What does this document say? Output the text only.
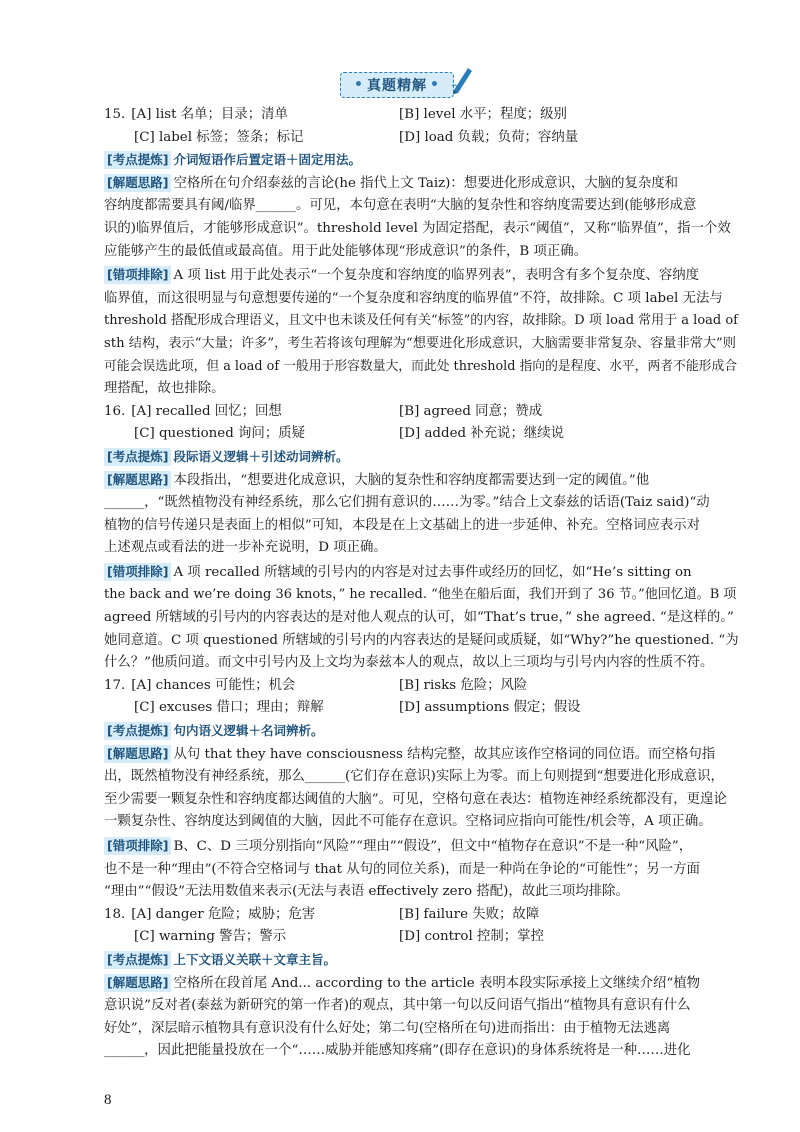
• 真题精解 •
15. [A] list 名单；目录；清单	[B] level 水平；程度；级别
[C] label 标签；签条；标记	[D] load 负载；负荷；容纳量
[考点提炼] 介词短语作后置定语＋固定用法。
[解题思路] 空格所在句介绍泰兹的言论(he 指代上文 Taiz)：想要进化形成意识，大脑的复杂度和
容纳度都需要具有阈/临界______。可见，本句意在表明“大脑的复杂性和容纳度需要达到(能够形成意
识的)临界值后，才能够形成意识”。threshold level 为固定搭配，表示“阈值”，又称“临界值”，指一个效
应能够产生的最低值或最高值。用于此处能够体现“形成意识”的条件，B 项正确。
[错项排除] A 项 list 用于此处表示“一个复杂度和容纳度的临界列表”，表明含有多个复杂度、容纳度
临界值，而这很明显与句意想要传递的“一个复杂度和容纳度的临界值”不符，故排除。C 项 label 无法与
threshold 搭配形成合理语义，且文中也未谈及任何有关“标签”的内容，故排除。D 项 load 常用于 a load of
sth 结构，表示“大量；许多”，考生若将该句理解为“想要进化形成意识，大脑需要非常复杂、容量非常大”则
可能会误选此项，但 a load of 一般用于形容数量大，而此处 threshold 指向的是程度、水平，两者不能形成合
理搭配，故也排除。
16. [A] recalled 回忆；回想	[B] agreed 同意；赞成
[C] questioned 询问；质疑	[D] added 补充说；继续说
[考点提炼] 段际语义逻辑＋引述动词辨析。
[解题思路] 本段指出，“想要进化成意识，大脑的复杂性和容纳度都需要达到一定的阈值。”他
______，“既然植物没有神经系统，那么它们拥有意识的……为零。”结合上文泰兹的话语(Taiz said)“动
植物的信号传递只是表面上的相似”可知，本段是在上文基础上的进一步延伸、补充。空格词应表示对
上述观点或看法的进一步补充说明，D 项正确。
[错项排除] A 项 recalled 所辖域的引号内的内容是对过去事件或经历的回忆，如“He’s sitting on
the back and we’re doing 36 knots，” he recalled. “他坐在船后面，我们开到了 36 节。”他回忆道。B 项
agreed 所辖域的引号内的内容表达的是对他人观点的认可，如“That’s true，” she agreed. “是这样的。”
她同意道。C 项 questioned 所辖域的引号内的内容表达的是疑问或质疑，如“Why?”he questioned. “为
什么？”他质问道。而文中引号内及上文均为泰兹本人的观点，故以上三项均与引号内内容的性质不符。
17. [A] chances 可能性；机会	[B] risks 危险；风险
[C] excuses 借口；理由；辩解	[D] assumptions 假定；假设
[考点提炼] 句内语义逻辑＋名词辨析。
[解题思路] 从句 that they have consciousness 结构完整，故其应该作空格词的同位语。而空格句指
出，既然植物没有神经系统，那么______(它们存在意识)实际上为零。而上句则提到“想要进化形成意识，
至少需要一颗复杂性和容纳度都达阈值的大脑”。可见，空格句意在表达：植物连神经系统都没有，更遑论
一颗复杂性、容纳度达到阈值的大脑，因此不可能存在意识。空格词应指向可能性/机会等，A 项正确。
[错项排除] B、C、D 三项分别指向“风险”“理由”“假设”，但文中“植物存在意识”不是一种“风险”，
也不是一种“理由”(不符合空格词与 that 从句的同位关系)，而是一种尚在争论的“可能性”；另一方面
“理由”“假设”无法用数值来表示(无法与表语 effectively zero 搭配)，故此三项均排除。
18. [A] danger 危险；威胁；危害	[B] failure 失败；故障
[C] warning 警告；警示	[D] control 控制；掌控
[考点提炼] 上下文语义关联＋文章主旨。
[解题思路] 空格所在段首尾 And... according to the article 表明本段实际承接上文继续介绍“植物
意识说”反对者(泰兹为新研究的第一作者)的观点，其中第一句以反问语气指出“植物具有意识有什么
好处”，深层暗示植物具有意识没有什么好处；第二句(空格所在句)进而指出：由于植物无法逃离
______，因此把能量投放在一个“……威胁并能感知疼痛”(即存在意识)的身体系统将是一种……进化
8
